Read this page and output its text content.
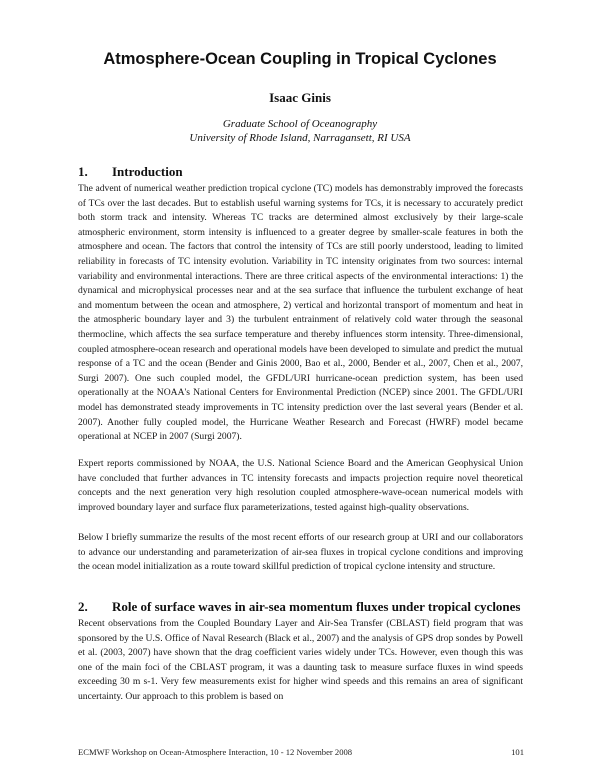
Atmosphere-Ocean Coupling in Tropical Cyclones
Isaac Ginis
Graduate School of Oceanography
University of Rhode Island, Narragansett, RI USA
1. Introduction

The advent of numerical weather prediction tropical cyclone (TC) models has demonstrably improved the forecasts of TCs over the last decades. But to establish useful warning systems for TCs, it is necessary to accurately predict both storm track and intensity. Whereas TC tracks are determined almost exclusively by their large-scale atmospheric environment, storm intensity is influenced to a greater degree by smaller-scale features in both the atmosphere and ocean. The factors that control the intensity of TCs are still poorly understood, leading to limited reliability in forecasts of TC intensity evolution. Variability in TC intensity originates from two sources: internal variability and environmental interactions. There are three critical aspects of the environmental interactions: 1) the dynamical and microphysical processes near and at the sea surface that influence the turbulent exchange of heat and momentum between the ocean and atmosphere, 2) vertical and horizontal transport of momentum and heat in the atmospheric boundary layer and 3) the turbulent entrainment of relatively cold water through the seasonal thermocline, which affects the sea surface temperature and thereby influences storm intensity. Three-dimensional, coupled atmosphere-ocean research and operational models have been developed to simulate and predict the mutual response of a TC and the ocean (Bender and Ginis 2000, Bao et al., 2000, Bender et al., 2007, Chen et al., 2007, Surgi 2007). One such coupled model, the GFDL/URI hurricane-ocean prediction system, has been used operationally at the NOAA's National Centers for Environmental Prediction (NCEP) since 2001. The GFDL/URI model has demonstrated steady improvements in TC intensity prediction over the last several years (Bender et al. 2007). Another fully coupled model, the Hurricane Weather Research and Forecast (HWRF) model became operational at NCEP in 2007 (Surgi 2007).

Expert reports commissioned by NOAA, the U.S. National Science Board and the American Geophysical Union have concluded that further advances in TC intensity forecasts and impacts projection require novel theoretical concepts and the next generation very high resolution coupled atmosphere-wave-ocean numerical models with improved boundary layer and surface flux parameterizations, tested against high-quality observations.

Below I briefly summarize the results of the most recent efforts of our research group at URI and our collaborators to advance our understanding and parameterization of air-sea fluxes in tropical cyclone conditions and improving the ocean model initialization as a route toward skillful prediction of tropical cyclone intensity and structure.

2. Role of surface waves in air-sea momentum fluxes under tropical cyclones

Recent observations from the Coupled Boundary Layer and Air-Sea Transfer (CBLAST) field program that was sponsored by the U.S. Office of Naval Research (Black et al., 2007) and the analysis of GPS drop sondes by Powell et al. (2003, 2007) have shown that the drag coefficient varies widely under TCs. However, even though this was one of the main foci of the CBLAST program, it was a daunting task to measure surface fluxes in wind speeds exceeding 30 m s-1. Very few measurements exist for higher wind speeds and this remains an area of significant uncertainty. Our approach to this problem is based on

ECMWF Workshop on Ocean-Atmosphere Interaction, 10 - 12 November 2008	101
